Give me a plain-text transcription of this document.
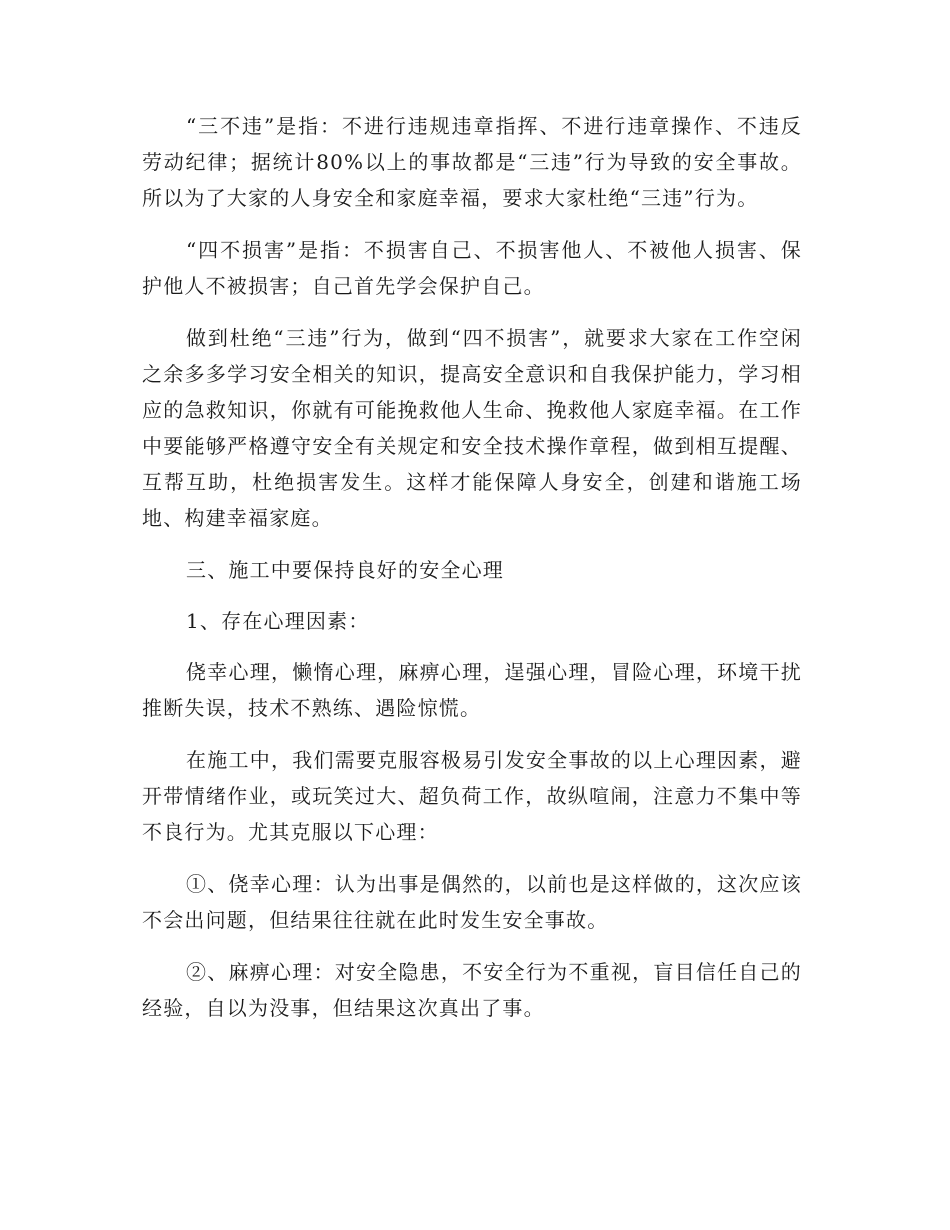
“三不违”是指：不进行违规违章指挥、不进行违章操作、不违反劳动纪律；据统计80%以上的事故都是“三违”行为导致的安全事故。所以为了大家的人身安全和家庭幸福，要求大家杜绝“三违”行为。

“四不损害”是指：不损害自己、不损害他人、不被他人损害、保护他人不被损害；自己首先学会保护自己。

做到杜绝“三违”行为，做到“四不损害”，就要求大家在工作空闲之余多多学习安全相关的知识，提高安全意识和自我保护能力，学习相应的急救知识，你就有可能挽救他人生命、挽救他人家庭幸福。在工作中要能够严格遵守安全有关规定和安全技术操作章程，做到相互提醒、互帮互助，杜绝损害发生。这样才能保障人身安全，创建和谐施工场地、构建幸福家庭。

三、施工中要保持良好的安全心理

1、存在心理因素：

侥幸心理，懒惰心理，麻痹心理，逞强心理，冒险心理，环境干扰推断失误，技术不熟练、遇险惊慌。

在施工中，我们需要克服容极易引发安全事故的以上心理因素，避开带情绪作业，或玩笑过大、超负荷工作，故纵喧闹，注意力不集中等不良行为。尤其克服以下心理：

①、侥幸心理：认为出事是偶然的，以前也是这样做的，这次应该不会出问题，但结果往往就在此时发生安全事故。

②、麻痹心理：对安全隐患，不安全行为不重视，盲目信任自己的经验，自以为没事，但结果这次真出了事。
